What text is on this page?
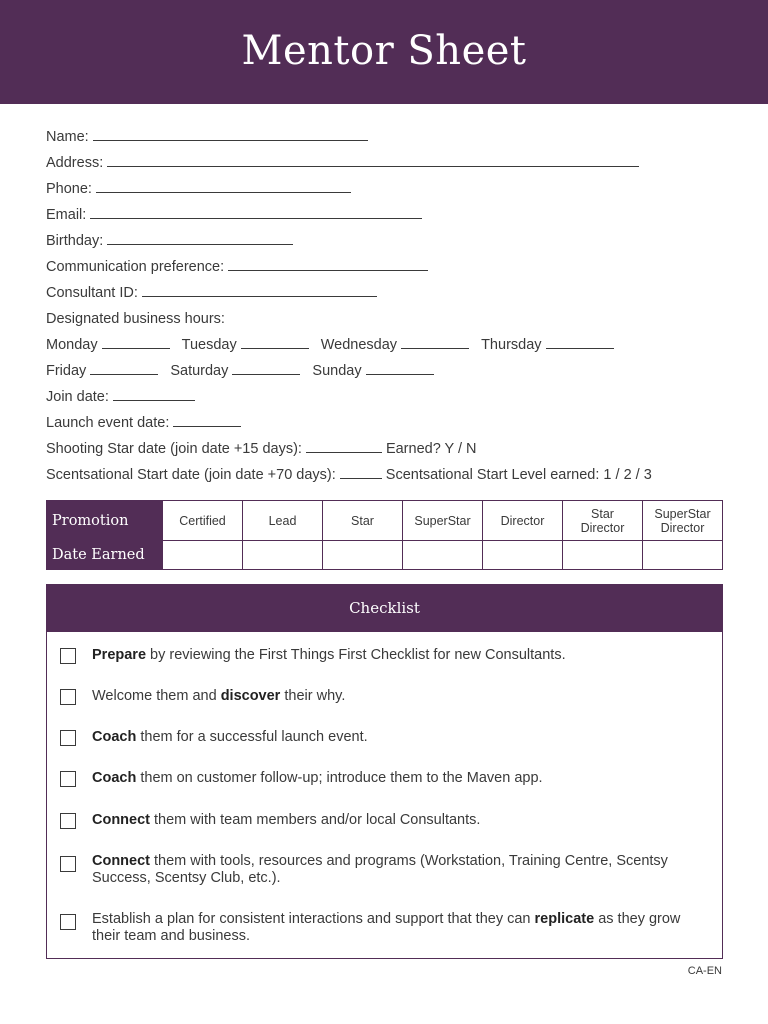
Mentor Sheet
Name:
Address:
Phone:
Email:
Birthday:
Communication preference:
Consultant ID:
Designated business hours:
Monday	Tuesday	Wednesday	Thursday
Friday	Saturday	Sunday
Join date:
Launch event date:
Shooting Star date (join date +15 days):	Earned? Y / N
Scentsational Start date (join date +70 days):	Scentsational Start Level earned: 1 / 2 / 3
Promotion	Certified	Lead	Star	SuperStar	Director	Star Director	SuperStar Director
Date Earned							
Checklist
Prepare by reviewing the First Things First Checklist for new Consultants.
Welcome them and discover their why.
Coach them for a successful launch event.
Coach them on customer follow-up; introduce them to the Maven app.
Connect them with team members and/or local Consultants.
Connect them with tools, resources and programs (Workstation, Training Centre, Scentsy Success, Scentsy Club, etc.).
Establish a plan for consistent interactions and support that they can replicate as they grow their team and business.
CA-EN
